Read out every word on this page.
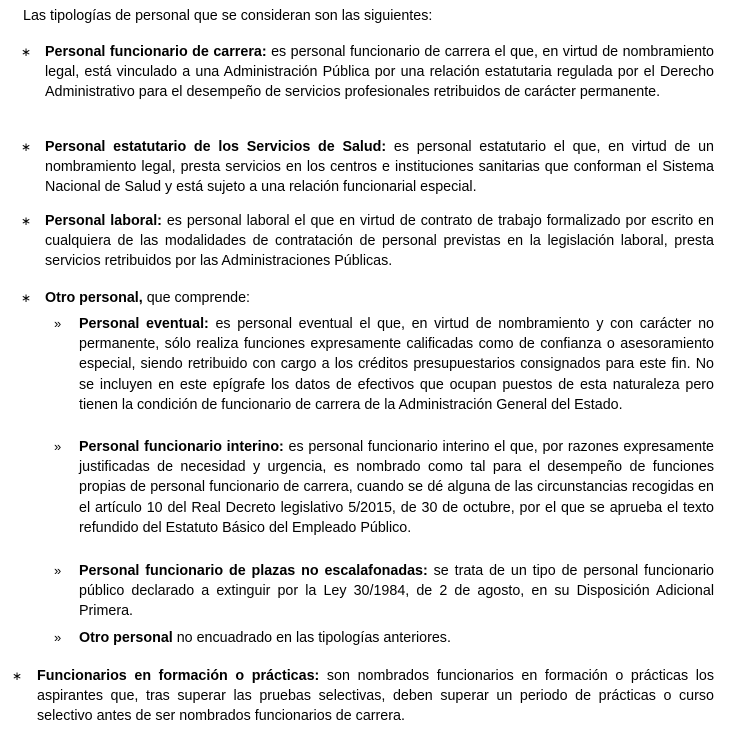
Las tipologías de personal que se consideran son las siguientes:

∗ Personal funcionario de carrera: es personal funcionario de carrera el que, en virtud de nombramiento legal, está vinculado a una Administración Pública por una relación estatutaria regulada por el Derecho Administrativo para el desempeño de servicios profesionales retribuidos de carácter permanente.

∗ Personal estatutario de los Servicios de Salud: es personal estatutario el que, en virtud de un nombramiento legal, presta servicios en los centros e instituciones sanitarias que conforman el Sistema Nacional de Salud y está sujeto a una relación funcionarial especial.

∗ Personal laboral: es personal laboral el que en virtud de contrato de trabajo formalizado por escrito en cualquiera de las modalidades de contratación de personal previstas en la legislación laboral, presta servicios retribuidos por las Administraciones Públicas.

∗ Otro personal, que comprende:

» Personal eventual: es personal eventual el que, en virtud de nombramiento y con carácter no permanente, sólo realiza funciones expresamente calificadas como de confianza o asesoramiento especial, siendo retribuido con cargo a los créditos presupuestarios consignados para este fin. No se incluyen en este epígrafe los datos de efectivos que ocupan puestos de esta naturaleza pero tienen la condición de funcionario de carrera de la Administración General del Estado.

» Personal funcionario interino: es personal funcionario interino el que, por razones expresamente justificadas de necesidad y urgencia, es nombrado como tal para el desempeño de funciones propias de personal funcionario de carrera, cuando se dé alguna de las circunstancias recogidas en el artículo 10 del Real Decreto legislativo 5/2015, de 30 de octubre, por el que se aprueba el texto refundido del Estatuto Básico del Empleado Público.

» Personal funcionario de plazas no escalafonadas: se trata de un tipo de personal funcionario público declarado a extinguir por la Ley 30/1984, de 2 de agosto, en su Disposición Adicional Primera.

» Otro personal no encuadrado en las tipologías anteriores.

∗ Funcionarios en formación o prácticas: son nombrados funcionarios en formación o prácticas los aspirantes que, tras superar las pruebas selectivas, deben superar un periodo de prácticas o curso selectivo antes de ser nombrados funcionarios de carrera.
